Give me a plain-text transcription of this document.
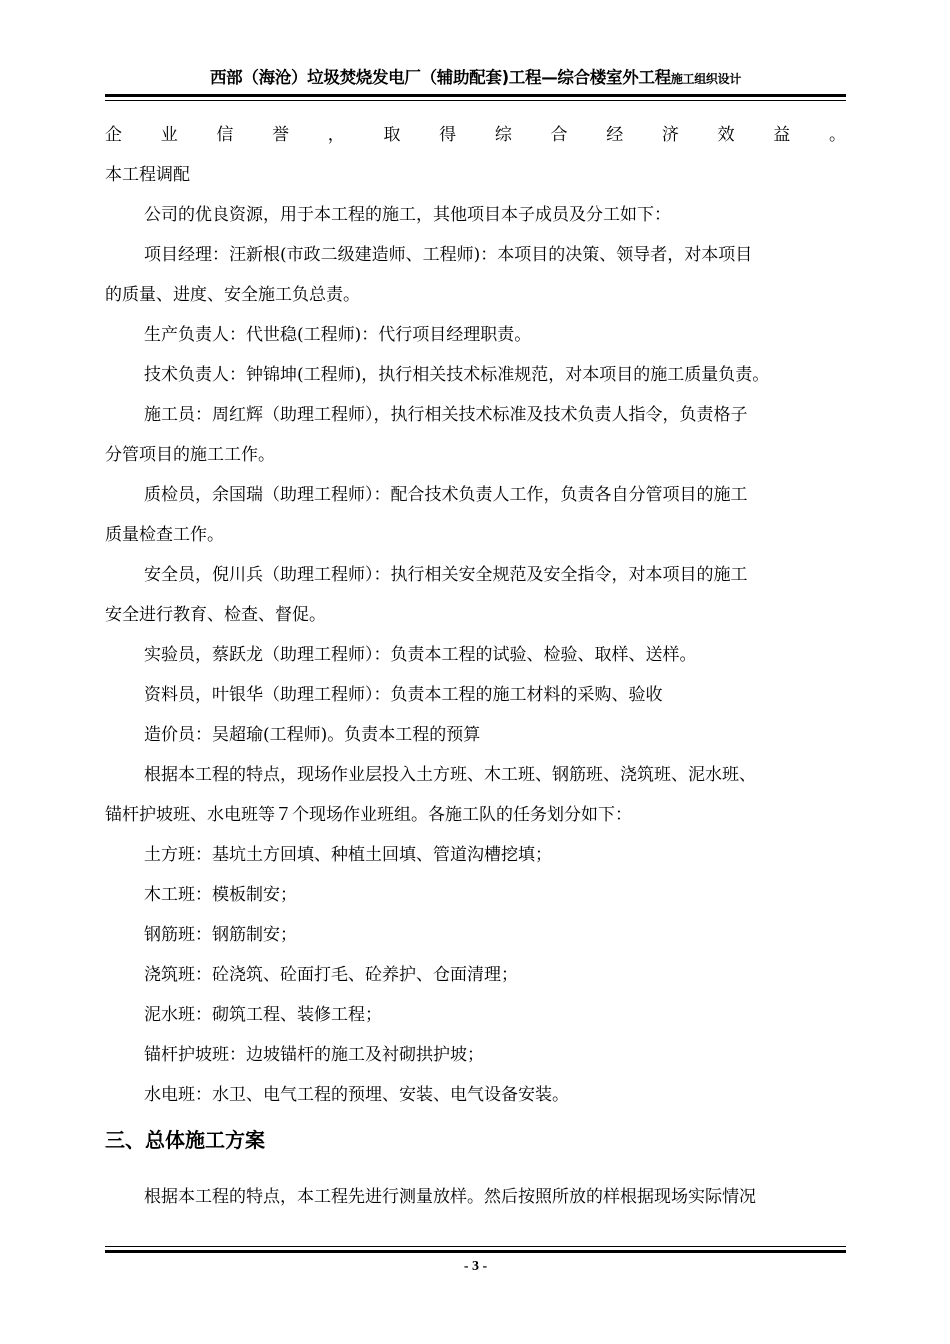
西部（海沧）垃圾焚烧发电厂（辅助配套)工程—综合楼室外工程施工组织设计
企 业 信 誉 ， 取 得 综 合 经 济 效 益 。
本工程调配
公司的优良资源，用于本工程的施工，其他项目本子成员及分工如下：
项目经理：汪新根(市政二级建造师、工程师)：本项目的决策、领导者，对本项目
的质量、进度、安全施工负总责。
生产负责人：代世稳(工程师)：代行项目经理职责。
技术负责人：钟锦坤(工程师)，执行相关技术标准规范，对本项目的施工质量负责。
施工员：周红辉（助理工程师），执行相关技术标准及技术负责人指令，负责格子
分管项目的施工工作。
质检员，余国瑞（助理工程师）：配合技术负责人工作，负责各自分管项目的施工
质量检查工作。
安全员，倪川兵（助理工程师）：执行相关安全规范及安全指令，对本项目的施工
安全进行教育、检查、督促。
实验员，蔡跃龙（助理工程师）：负责本工程的试验、检验、取样、送样。
资料员，叶银华（助理工程师）：负责本工程的施工材料的采购、验收
造价员：吴超瑜(工程师)。负责本工程的预算
根据本工程的特点，现场作业层投入土方班、木工班、钢筋班、浇筑班、泥水班、
锚杆护坡班、水电班等７个现场作业班组。各施工队的任务划分如下：
土方班：基坑土方回填、种植土回填、管道沟槽挖填；
木工班：模板制安；
钢筋班：钢筋制安；
浇筑班：砼浇筑、砼面打毛、砼养护、仓面清理；
泥水班：砌筑工程、装修工程；
锚杆护坡班：边坡锚杆的施工及衬砌拱护坡；
水电班：水卫、电气工程的预埋、安装、电气设备安装。
三、总体施工方案
根据本工程的特点，本工程先进行测量放样。然后按照所放的样根据现场实际情况
- 3 -
